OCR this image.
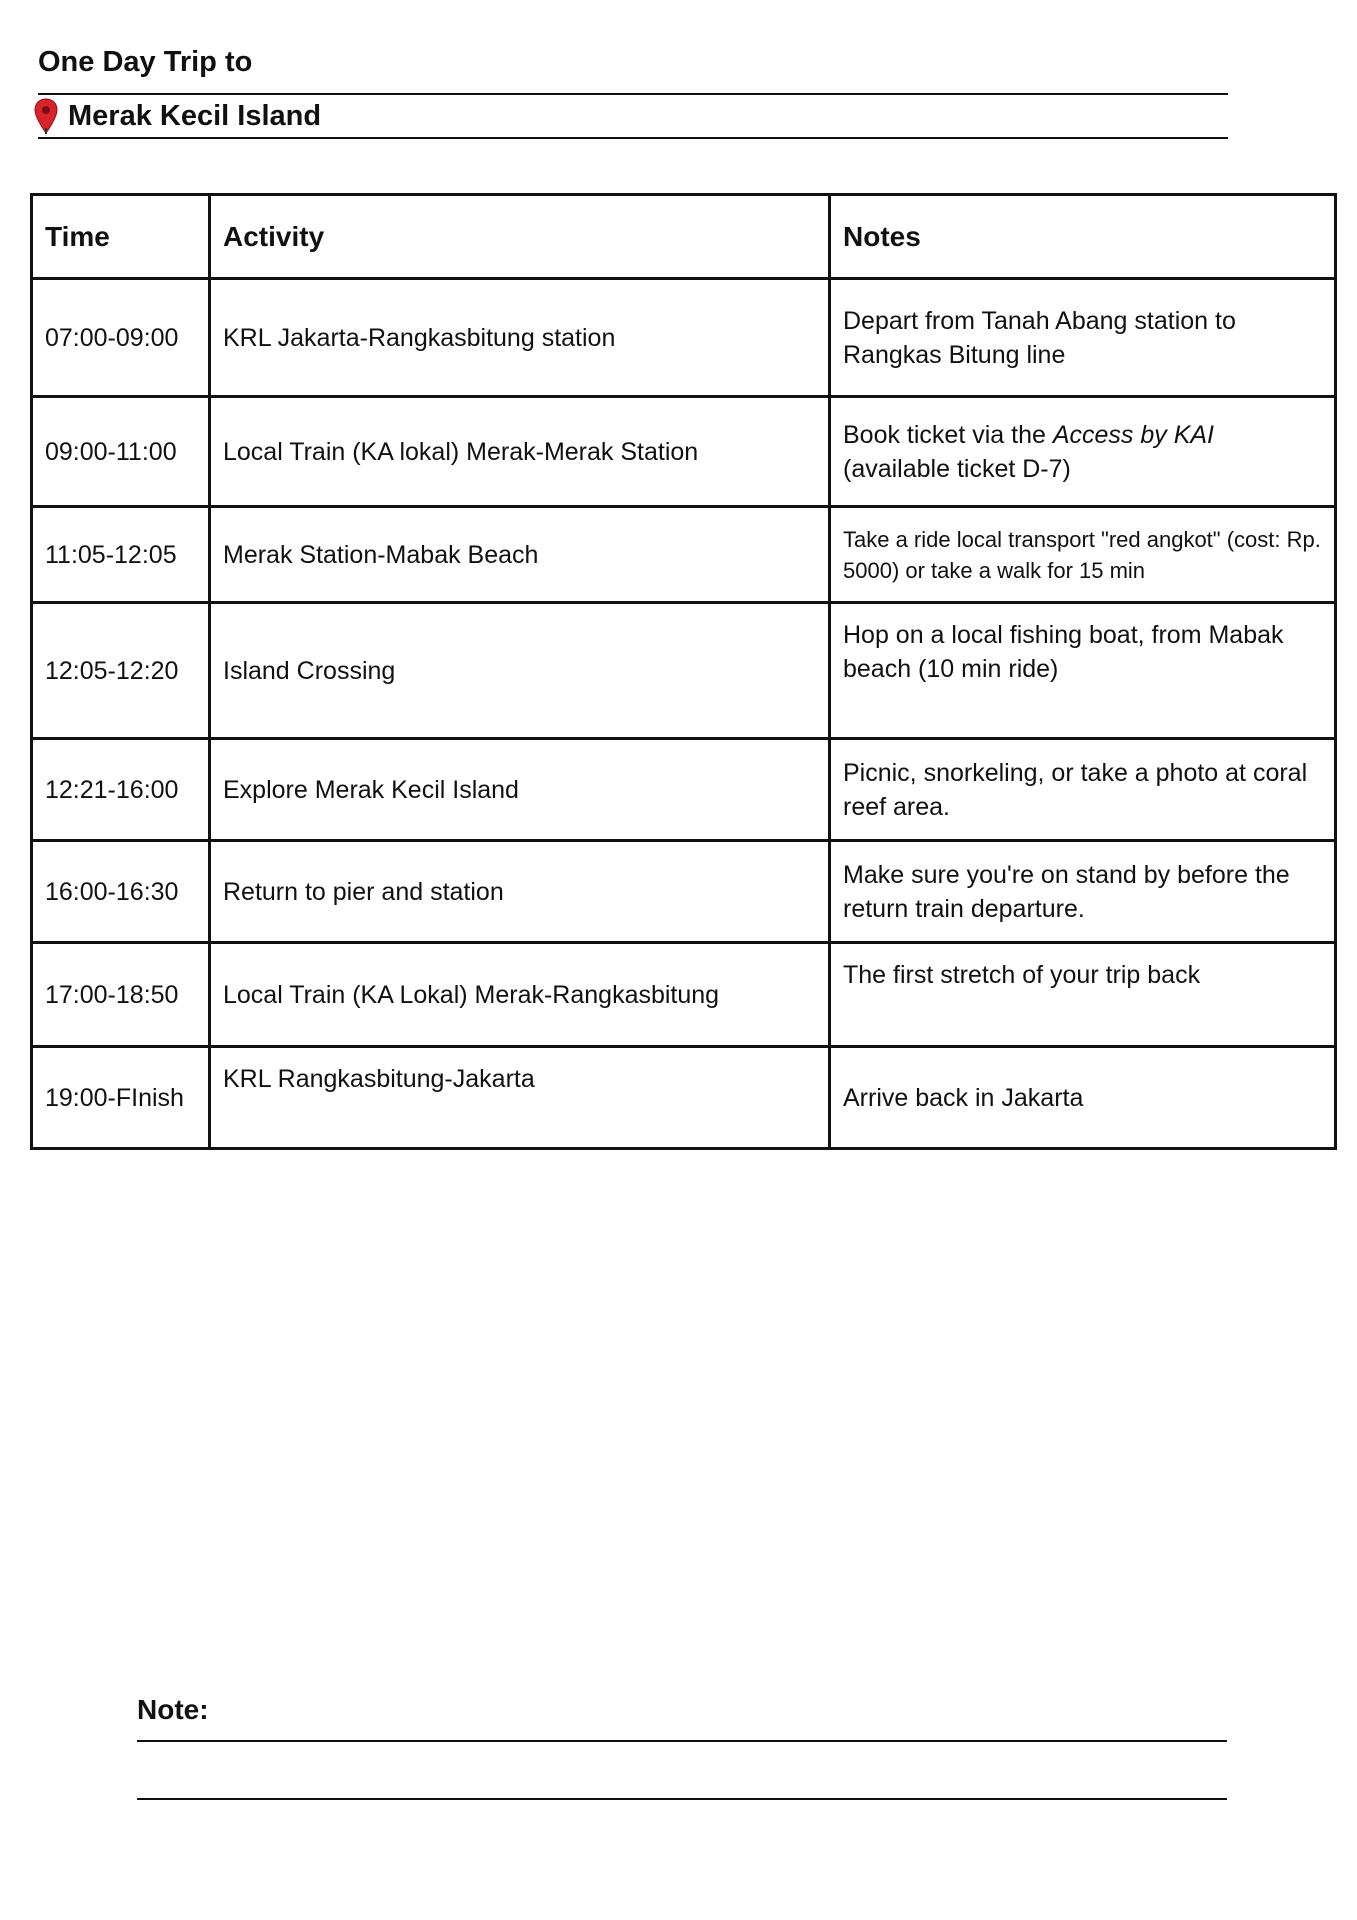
One Day Trip to
Merak Kecil Island
Time	Activity	Notes
07:00-09:00	KRL Jakarta-Rangkasbitung station	Depart from Tanah Abang station to Rangkas Bitung line
09:00-11:00	Local Train (KA lokal) Merak-Merak Station	Book ticket via the Access by KAI (available ticket D-7)
11:05-12:05	Merak Station-Mabak Beach	Take a ride local transport "red angkot" (cost: Rp. 5000) or take a walk for 15 min
12:05-12:20	Island Crossing	Hop on a local fishing boat, from Mabak beach (10 min ride)
12:21-16:00	Explore Merak Kecil Island	Picnic, snorkeling, or take a photo at coral reef area.
16:00-16:30	Return to pier and station	Make sure you're on stand by before the return train departure.
17:00-18:50	Local Train (KA Lokal) Merak-Rangkasbitung	The first stretch of your trip back
19:00-FInish	KRL Rangkasbitung-Jakarta	Arrive back in Jakarta
Note:
